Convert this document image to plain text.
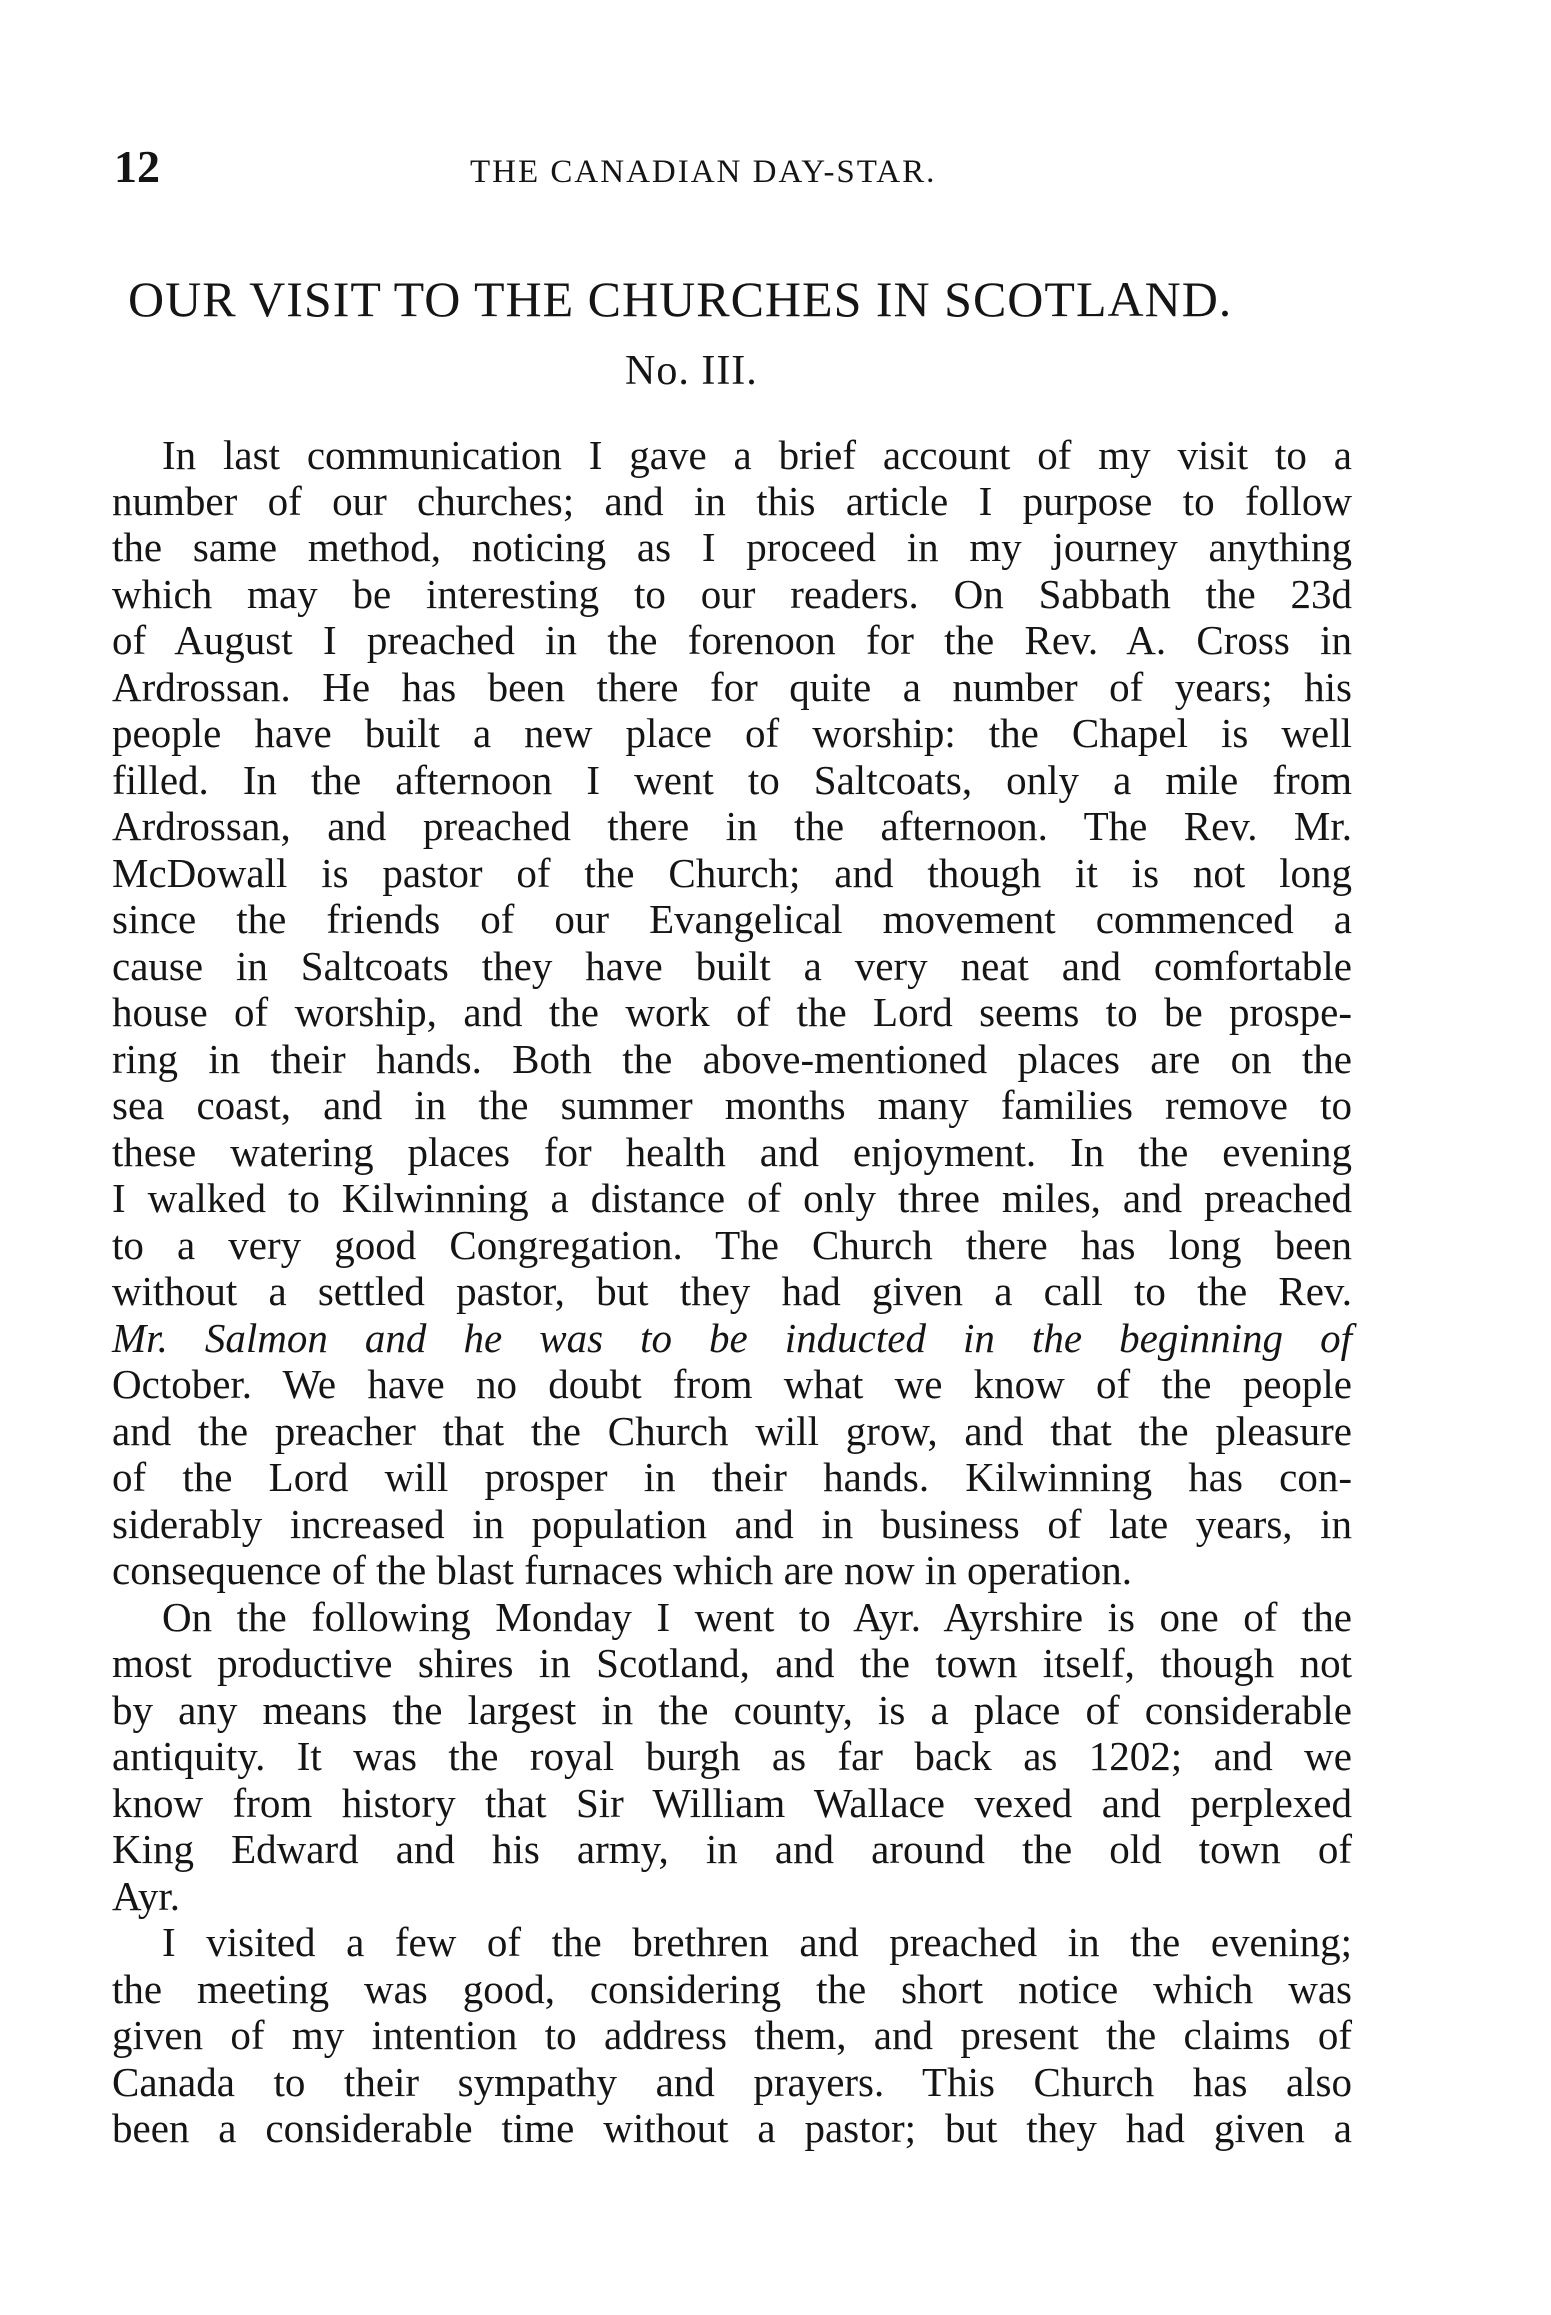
12	THE CANADIAN DAY-STAR.
OUR VISIT TO THE CHURCHES IN SCOTLAND.
No. III.
In last communication I gave a brief account of my visit to a
number of our churches; and in this article I purpose to follow
the same method, noticing as I proceed in my journey anything
which may be interesting to our readers. On Sabbath the 23d
of August I preached in the forenoon for the Rev. A. Cross in
Ardrossan. He has been there for quite a number of years; his
people have built a new place of worship: the Chapel is well
filled. In the afternoon I went to Saltcoats, only a mile from
Ardrossan, and preached there in the afternoon. The Rev. Mr.
McDowall is pastor of the Church; and though it is not long
since the friends of our Evangelical movement commenced a
cause in Saltcoats they have built a very neat and comfortable
house of worship, and the work of the Lord seems to be prospe-
ring in their hands. Both the above-mentioned places are on the
sea coast, and in the summer months many families remove to
these watering places for health and enjoyment. In the evening
I walked to Kilwinning a distance of only three miles, and preached
to a very good Congregation. The Church there has long been
without a settled pastor, but they had given a call to the Rev.
Mr. Salmon and he was to be inducted in the beginning of
October. We have no doubt from what we know of the people
and the preacher that the Church will grow, and that the pleasure
of the Lord will prosper in their hands. Kilwinning has con-
siderably increased in population and in business of late years, in
consequence of the blast furnaces which are now in operation.
On the following Monday I went to Ayr. Ayrshire is one of the
most productive shires in Scotland, and the town itself, though not
by any means the largest in the county, is a place of considerable
antiquity. It was the royal burgh as far back as 1202; and we
know from history that Sir William Wallace vexed and perplexed
King Edward and his army, in and around the old town of
Ayr.
I visited a few of the brethren and preached in the evening;
the meeting was good, considering the short notice which was
given of my intention to address them, and present the claims of
Canada to their sympathy and prayers. This Church has also
been a considerable time without a pastor; but they had given a
